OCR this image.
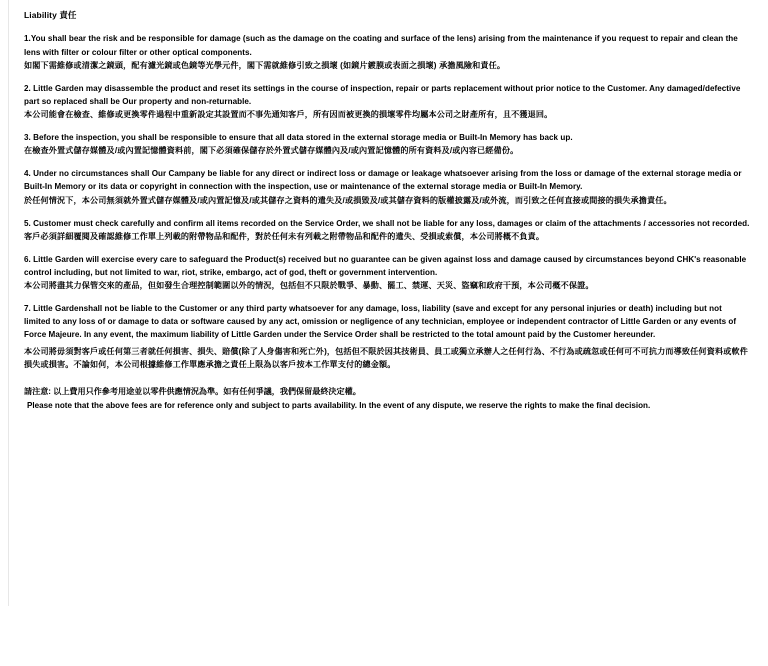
Liability 責任

1.You shall bear the risk and be responsible for damage (such as the damage on the coating and surface of the lens) arising from the maintenance if you request to repair and clean the lens with filter or colour filter or other optical components.

如閣下需維修或清潔之鏡頭，配有濾光鏡或色鏡等光學元件，閣下需就維修引致之損壞 (如鏡片鍍膜或表面之損壞) 承擔風險和責任。

2. Little Garden may disassemble the product and reset its settings in the course of inspection, repair or parts replacement without prior notice to the Customer. Any damaged/defective part so replaced shall be Our property and non-returnable.

本公司能會在檢查、維修或更換零件過程中重新設定其設置而不事先通知客戶，所有因而被更換的損壞零件均屬本公司之財產所有，且不獲退回。

3. Before the inspection, you shall be responsible to ensure that all data stored in the external storage media or Built-In Memory has back up.

在檢查外置式儲存媒體及/或內置記憶體資料前，閣下必須確保儲存於外置式儲存媒體內及/或內置記憶體的所有資料及/或內容已經備份。

4. Under no circumstances shall Our Campany be liable for any direct or indirect loss or damage or leakage whatsoever arising from the loss or damage of the external storage media or Built-In Memory or its data or copyright in connection with the inspection, use or maintenance of the external storage media or Built-In Memory.

於任何情況下，本公司無須就外置式儲存媒體及/或內置記憶及/或其儲存之資料的遺失及/或損毀及/或其儲存資料的版權披露及/或外流，而引致之任何直接或間接的損失承擔責任。

5. Customer must check carefully and confirm all items recorded on the Service Order, we shall not be liable for any loss, damages or claim of the attachments / accessories not recorded.

客戶必須詳細覆閱及確認維修工作單上列載的附帶物品和配件，對於任何未有列載之附帶物品和配件的遺失、受損或索償，本公司將概不負責。

6. Little Garden will exercise every care to safeguard the Product(s) received but no guarantee can be given against loss and damage caused by circumstances beyond CHK's reasonable control including, but not limited to war, riot, strike, embargo, act of god, theft or government intervention.

本公司將盡其力保管交來的產品，但如發生合理控制範圍以外的情況，包括但不只限於戰爭、暴動、罷工、禁運、天災、盜竊和政府干預，本公司概不保證。

7. Little Gardenshall not be liable to the Customer or any third party whatsoever for any damage, loss, liability (save and except for any personal injuries or death) including but not limited to any loss of or damage to data or software caused by any act, omission or negligence of any technician, employee or independent contractor of Little Garden or any events of Force Majeure. In any event, the maximum liability of Little Garden under the Service Order shall be restricted to the total amount paid by the Customer hereunder.

本公司將毋須對客戶或任何第三者就任何損害、損失、賠償(除了人身傷害和死亡外)，包括但不限於因其技術員、員工或獨立承辦人之任何行為、不行為或疏忽或任何可不可抗力而導致任何資料或軟件損失或損害。不論如何，本公司根據維修工作單應承擔之責任上限為以客戶按本工作單支付的總金額。

請注意: 以上費用只作參考用途並以零件供應情況為準。如有任何爭議，我們保留最終決定權。

Please note that the above fees are for reference only and subject to parts availability. In the event of any dispute, we reserve the rights to make the final decision.
